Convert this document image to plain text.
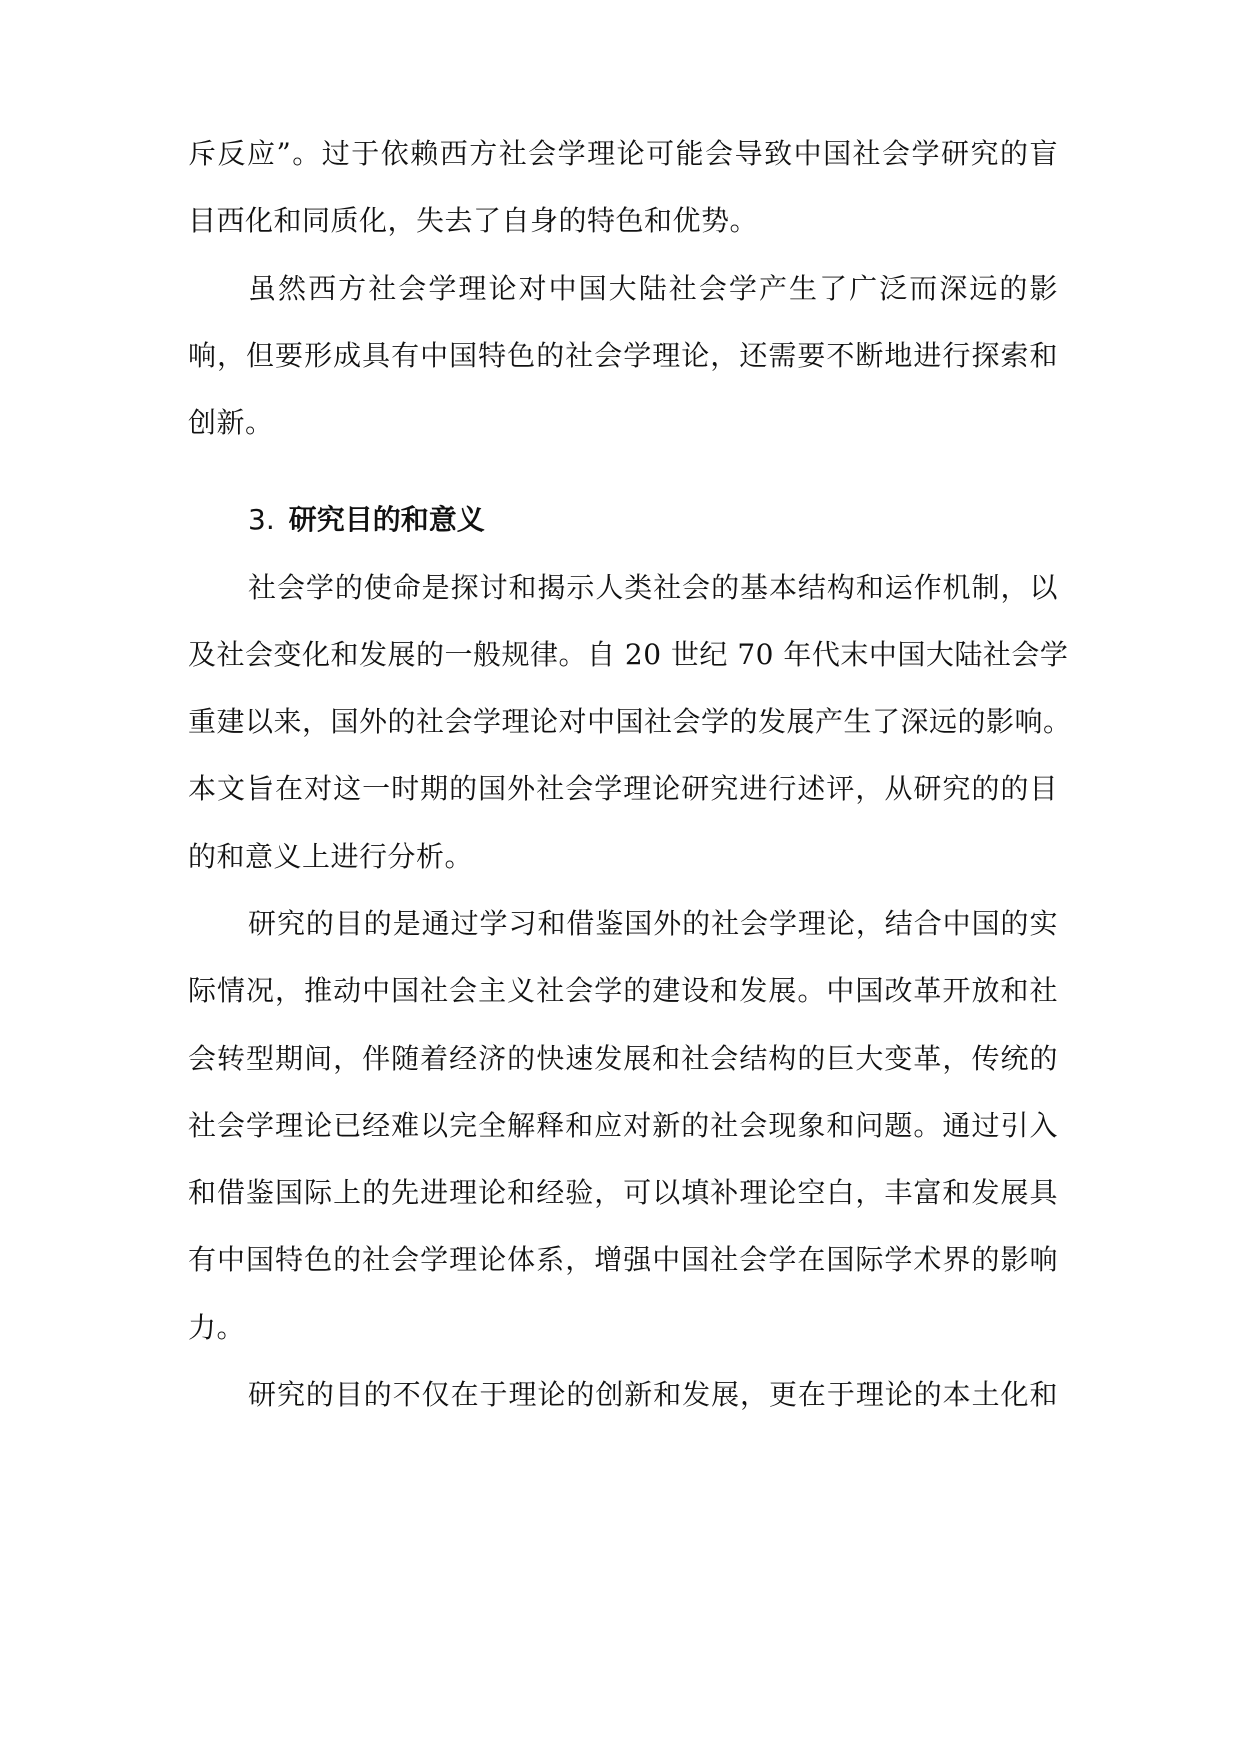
斥反应”。过于依赖西方社会学理论可能会导致中国社会学研究的盲
目西化和同质化，失去了自身的特色和优势。
虽然西方社会学理论对中国大陆社会学产生了广泛而深远的影
响，但要形成具有中国特色的社会学理论，还需要不断地进行探索和
创新。
3. 研究目的和意义
社会学的使命是探讨和揭示人类社会的基本结构和运作机制，以
及社会变化和发展的一般规律。自 20 世纪 70 年代末中国大陆社会学
重建以来，国外的社会学理论对中国社会学的发展产生了深远的影响。
本文旨在对这一时期的国外社会学理论研究进行述评，从研究的的目
的和意义上进行分析。
研究的目的是通过学习和借鉴国外的社会学理论，结合中国的实
际情况，推动中国社会主义社会学的建设和发展。中国改革开放和社
会转型期间，伴随着经济的快速发展和社会结构的巨大变革，传统的
社会学理论已经难以完全解释和应对新的社会现象和问题。通过引入
和借鉴国际上的先进理论和经验，可以填补理论空白，丰富和发展具
有中国特色的社会学理论体系，增强中国社会学在国际学术界的影响
力。
研究的目的不仅在于理论的创新和发展，更在于理论的本土化和
